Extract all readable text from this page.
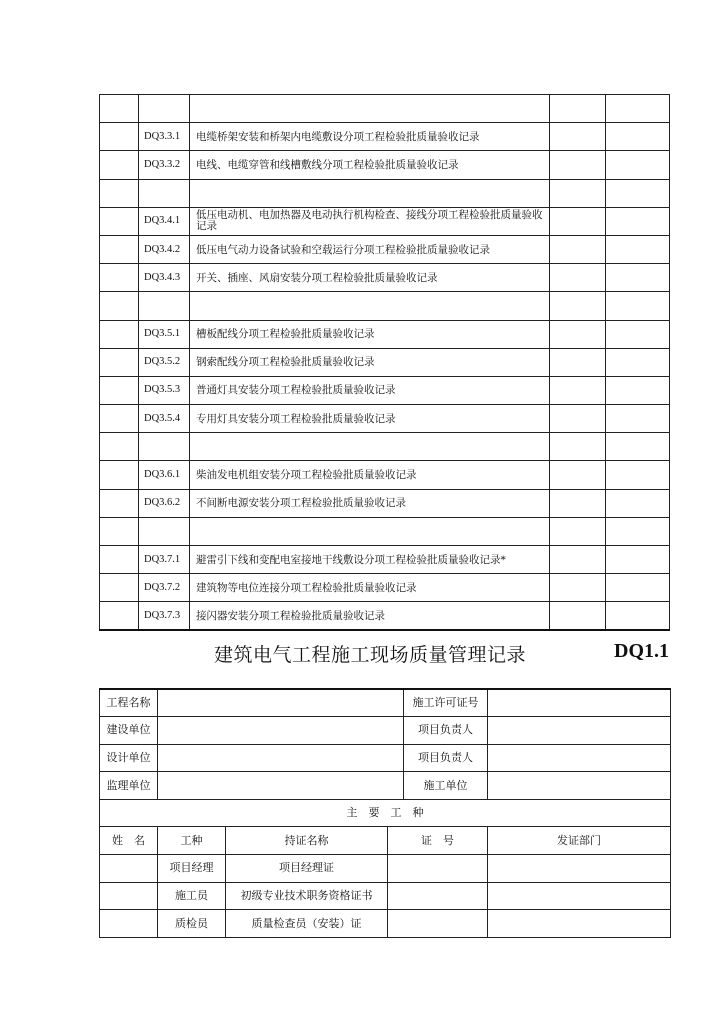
	DQ3.3.1	电缆桥架安装和桥架内电缆敷设分项工程检验批质量验收记录		
	DQ3.3.2	电线、电缆穿管和线槽敷线分项工程检验批质量验收记录		

	DQ3.4.1	低压电动机、电加热器及电动执行机构检查、接线分项工程检验批质量验收记录		
	DQ3.4.2	低压电气动力设备试验和空载运行分项工程检验批质量验收记录		
	DQ3.4.3	开关、插座、风扇安装分项工程检验批质量验收记录		

	DQ3.5.1	槽板配线分项工程检验批质量验收记录		
	DQ3.5.2	钢索配线分项工程检验批质量验收记录		
	DQ3.5.3	普通灯具安装分项工程检验批质量验收记录		
	DQ3.5.4	专用灯具安装分项工程检验批质量验收记录		

	DQ3.6.1	柴油发电机组安装分项工程检验批质量验收记录		
	DQ3.6.2	不间断电源安装分项工程检验批质量验收记录		

	DQ3.7.1	避雷引下线和变配电室接地干线敷设分项工程检验批质量验收记录*		
	DQ3.7.2	建筑物等电位连接分项工程检验批质量验收记录		
	DQ3.7.3	接闪器安装分项工程检验批质量验收记录		
建筑电气工程施工现场质量管理记录	DQ1.1
工程名称				施工许可证号	
建设单位				项目负责人	
设计单位				项目负责人	
监理单位				施工单位	
主　要　工　种					
姓　名	工种	持证名称	证　号		发证部门
	项目经理	项目经理证			
	施工员	初级专业技术职务资格证书			
	质检员	质量检查员（安装）证			
